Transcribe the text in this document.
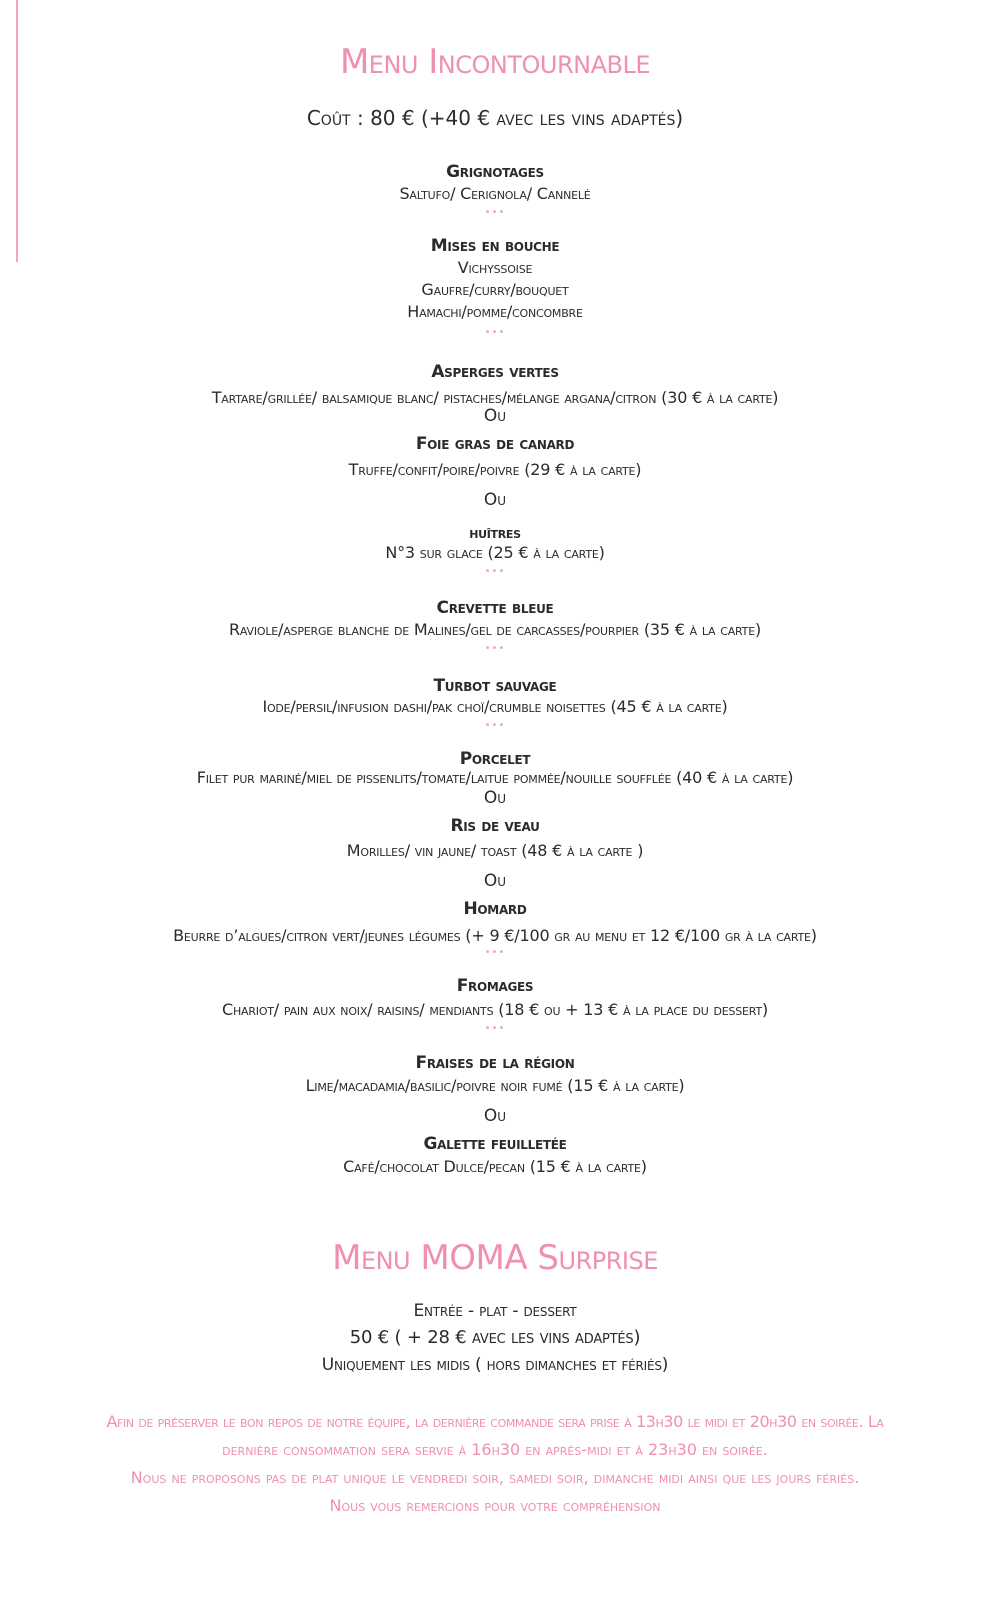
Menu Incontournable
Coût : 80 € (+40 € avec les vins adaptés)
Grignotages
Saltufo/ Cerignola/ Cannelé
•••
Mises en bouche
Vichyssoise
Gaufre/curry/bouquet
Hamachi/pomme/concombre
•••
Asperges vertes
Tartare/grillée/ balsamique blanc/ pistaches/mélange argana/citron (30 € à la carte)
Ou
Foie gras de canard
Truffe/confit/poire/poivre (29 € à la carte)
Ou
huîtres
N°3 sur glace (25 € à la carte)
•••
Crevette bleue
Raviole/asperge blanche de Malines/gel de carcasses/pourpier (35 € à la carte)
•••
Turbot sauvage
Iode/persil/infusion dashi/pak choï/crumble noisettes (45 € à la carte)
•••
Porcelet
Filet pur mariné/miel de pissenlits/tomate/laitue pommée/nouille soufflée (40 € à la carte)
Ou
Ris de veau
Morilles/ vin jaune/ toast (48 € à la carte )
Ou
Homard
Beurre d’algues/citron vert/jeunes légumes (+ 9 €/100 gr au menu et 12 €/100 gr à la carte)
•••
Fromages
Chariot/ pain aux noix/ raisins/ mendiants (18 € ou + 13 € à la place du dessert)
•••
Fraises de la région
Lime/macadamia/basilic/poivre noir fumé (15 € à la carte)
Ou
Galette feuilletée
Café/chocolat Dulce/pecan (15 € à la carte)
Menu MOMA Surprise
Entrée - plat - dessert
50 € ( + 28 € avec les vins adaptés)
Uniquement les midis ( hors dimanches et fériés)
Afin de préserver le bon repos de notre équipe, la dernière commande sera prise à 13h30 le midi et 20h30 en soirée. La
dernière consommation sera servie à 16h30 en après-midi et à 23h30 en soirée.
Nous ne proposons pas de plat unique le vendredi soir, samedi soir, dimanche midi ainsi que les jours fériés.
Nous vous remercions pour votre compréhension
